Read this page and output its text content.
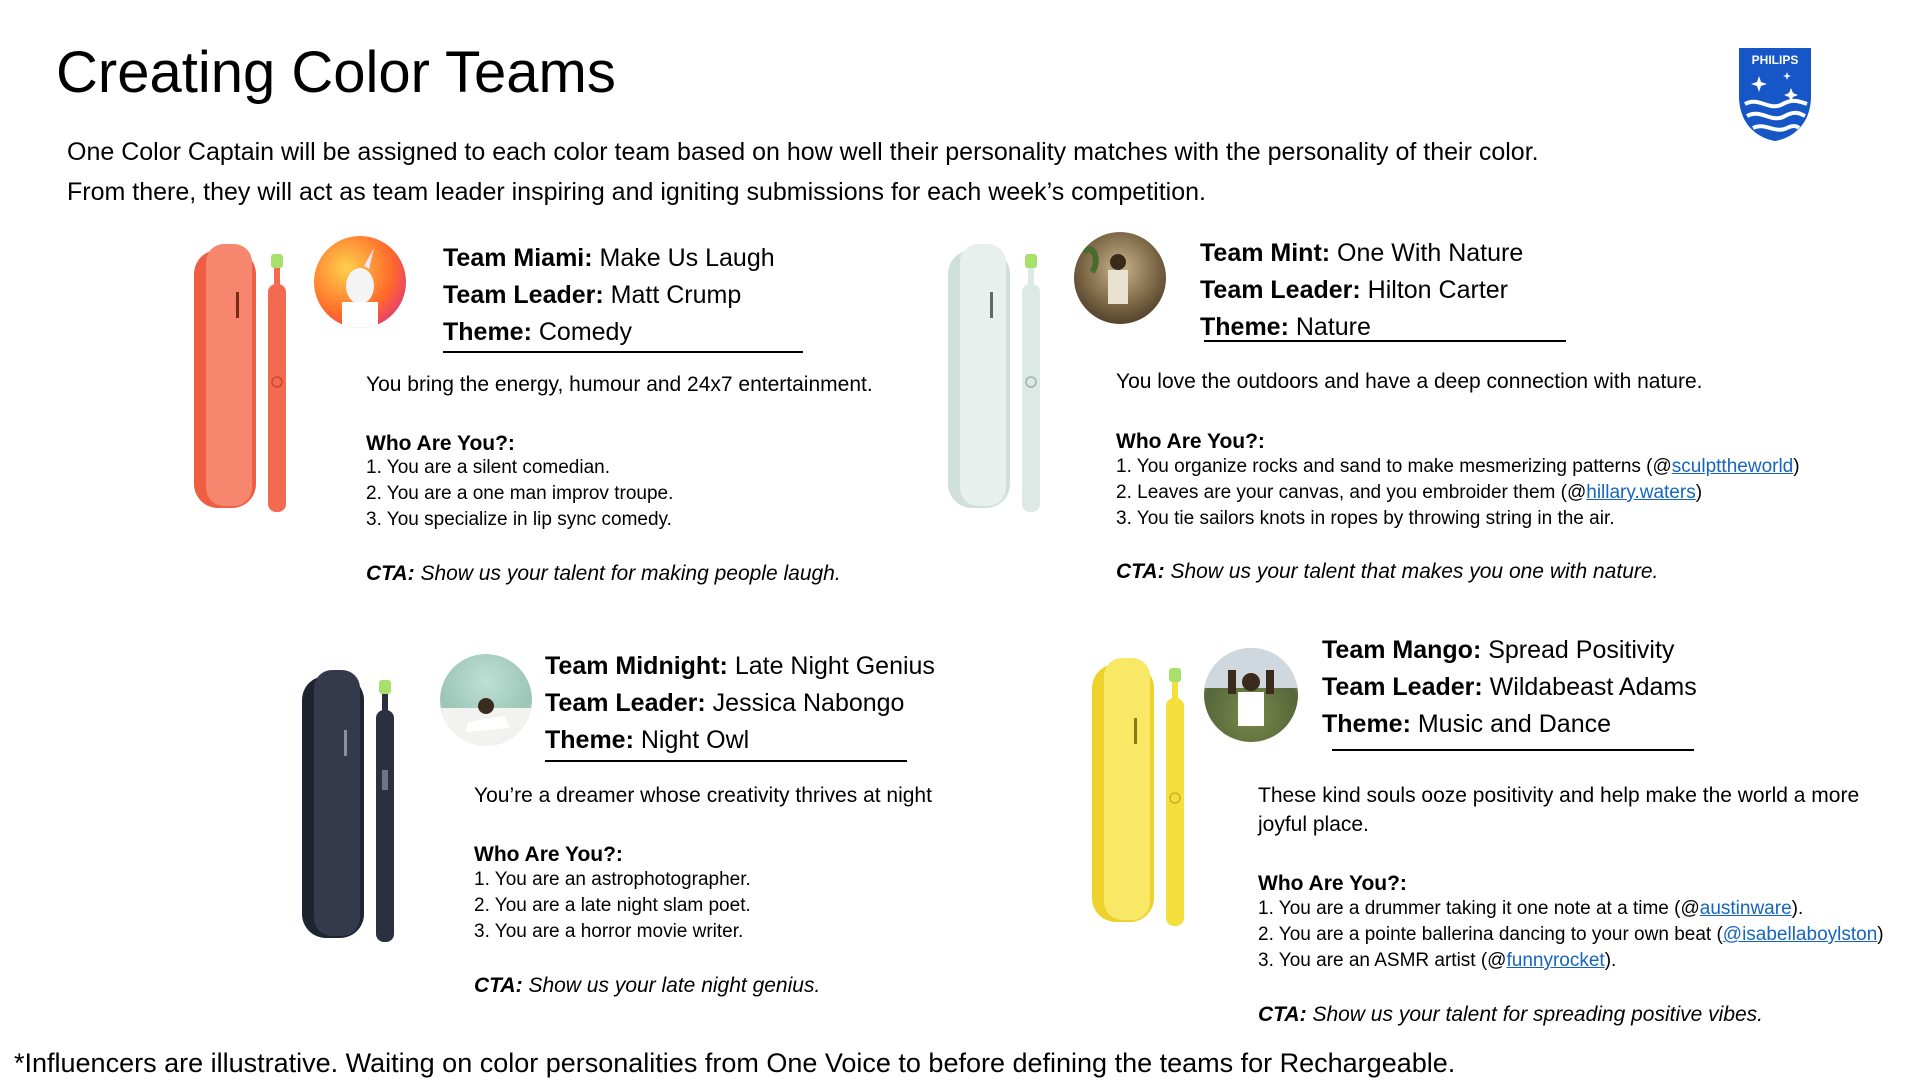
Creating Color Teams
One Color Captain will be assigned to each color team based on how well their personality matches with the personality of their color.
From there, they will act as team leader inspiring and igniting submissions for each week’s competition.
PHILIPS
Team Miami: Make Us Laugh
Team Leader: Matt Crump
Theme: Comedy
You bring the energy, humour and 24x7 entertainment.
Who Are You?:
1. You are a silent comedian.
2. You are a one man improv troupe.
3. You specialize in lip sync comedy.
CTA: Show us your talent for making people laugh.
Team Mint: One With Nature
Team Leader: Hilton Carter
Theme: Nature
You love the outdoors and have a deep connection with nature.
Who Are You?:
1. You organize rocks and sand to make mesmerizing patterns (@sculpttheworld)
2. Leaves are your canvas, and you embroider them (@hillary.waters)
3. You tie sailors knots in ropes by throwing string in the air.
CTA: Show us your talent that makes you one with nature.
Team Midnight: Late Night Genius
Team Leader: Jessica Nabongo
Theme: Night Owl
You’re a dreamer whose creativity thrives at night
Who Are You?:
1. You are an astrophotographer.
2. You are a late night slam poet.
3. You are a horror movie writer.
CTA: Show us your late night genius.
Team Mango: Spread Positivity
Team Leader: Wildabeast Adams
Theme: Music and Dance
These kind souls ooze positivity and help make the world a more joyful place.
Who Are You?:
1. You are a drummer taking it one note at a time (@austinware).
2. You are a pointe ballerina dancing to your own beat (@isabellaboylston)
3. You are an ASMR artist (@funnyrocket).
CTA: Show us your talent for spreading positive vibes.
*Influencers are illustrative. Waiting on color personalities from One Voice to before defining the teams for Rechargeable.
